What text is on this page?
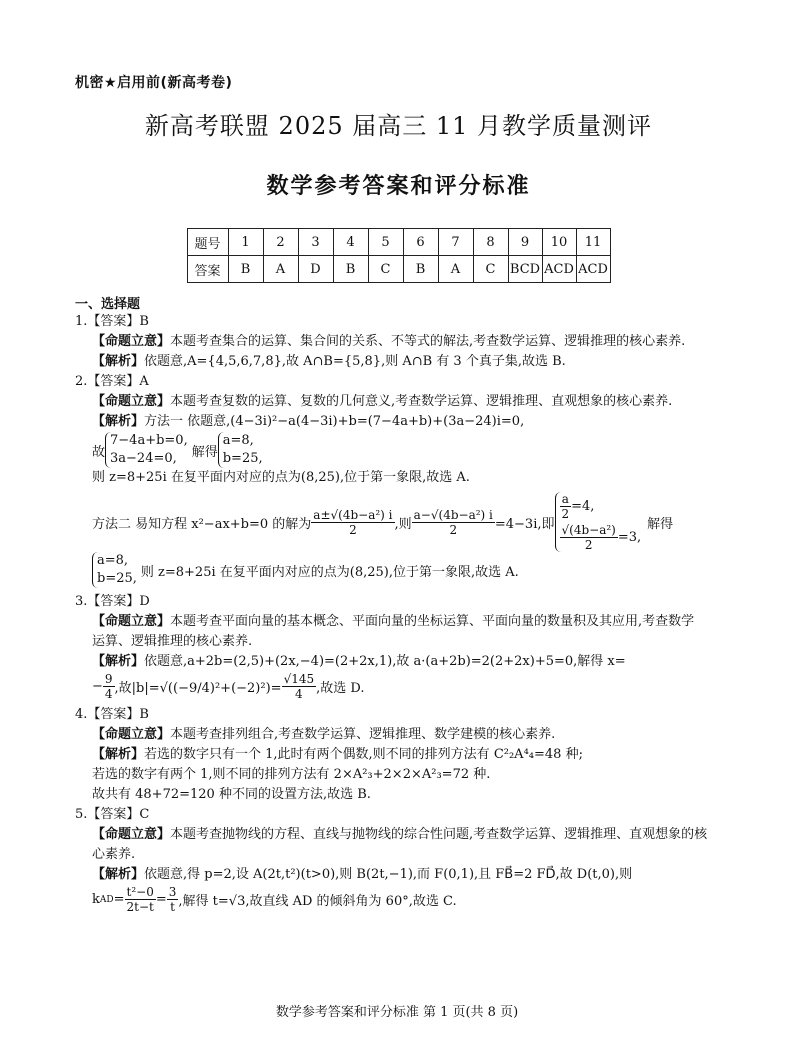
机密★启用前(新高考卷)
新高考联盟 2025 届高三 11 月教学质量测评
数学参考答案和评分标准
题号	1	2	3	4	5	6	7	8	9	10	11
答案	B	A	D	B	C	B	A	C	BCD	ACD	ACD
一、选择题
1.【答案】B
【命题立意】本题考查集合的运算、集合间的关系、不等式的解法,考查数学运算、逻辑推理的核心素养.
【解析】依题意,A={4,5,6,7,8},故 A∩B={5,8},则 A∩B 有 3 个真子集,故选 B.
2.【答案】A
【命题立意】本题考查复数的运算、复数的几何意义,考查数学运算、逻辑推理、直观想象的核心素养.
【解析】方法一 依题意,(4−3i)²−a(4−3i)+b=(7−4a+b)+(3a−24)i=0,
故
7−4a+b=0,
3a−24=0,	解得
a=8,
b=25,
则 z=8+25i 在复平面内对应的点为(8,25),位于第一象限,故选 A.
方法二 易知方程 x²−ax+b=0 的解为 $\frac{\text{a±√(4b−a²) i}}{2}$ ,则 $\frac{\text{a−√(4b−a²) i}}{2} =4-3i$,即
$\frac{a}{2} =4$,
$\frac{\text{√(4b−a²)}}{2} =3$,
解得
a=8,
b=25, 则 z=8+25i 在复平面内对应的点为(8,25),位于第一象限,故选 A.
3.【答案】D
【命题立意】本题考查平面向量的基本概念、平面向量的坐标运算、平面向量的数量积及其应用,考查数学
运算、逻辑推理的核心素养.
【解析】依题意,a+2b=(2,5)+(2x,−4)=(2+2x,1),故 a·(a+2b)=2(2+2x)+5=0,解得 x=
− $\frac{9}{4}$ ,故$|b|=√((-9/4)^2+(-2)^2)= \frac{√145}{4}$ ,故选 D.
4.【答案】B
【命题立意】本题考查排列组合,考查数学运算、逻辑推理、数学建模的核心素养.
【解析】若选的数字只有一个 1,此时有两个偶数,则不同的排列方法有 C²₂A⁴₄=48 种;
若选的数字有两个 1,则不同的排列方法有 2×A²₃+2×2×A²₃=72 种.
故共有 48+72=120 种不同的设置方法,故选 B.
5.【答案】C
【命题立意】本题考查抛物线的方程、直线与抛物线的综合性问题,考查数学运算、逻辑推理、直观想象的核
心素养.
【解析】依题意,得 p=2,设 A(2t,t²)(t>0),则 B(2t,−1),而 F(0,1),且 FB⃗=2 FD⃗,故 D(t,0),则
k AD = $\frac{\text{t²−0}}{2t-t} = \frac{3}{t}$ ,解得 t=√3,故直线 AD 的倾斜角为 60°,故选 C.
数学参考答案和评分标准 第 1 页(共 8 页)
